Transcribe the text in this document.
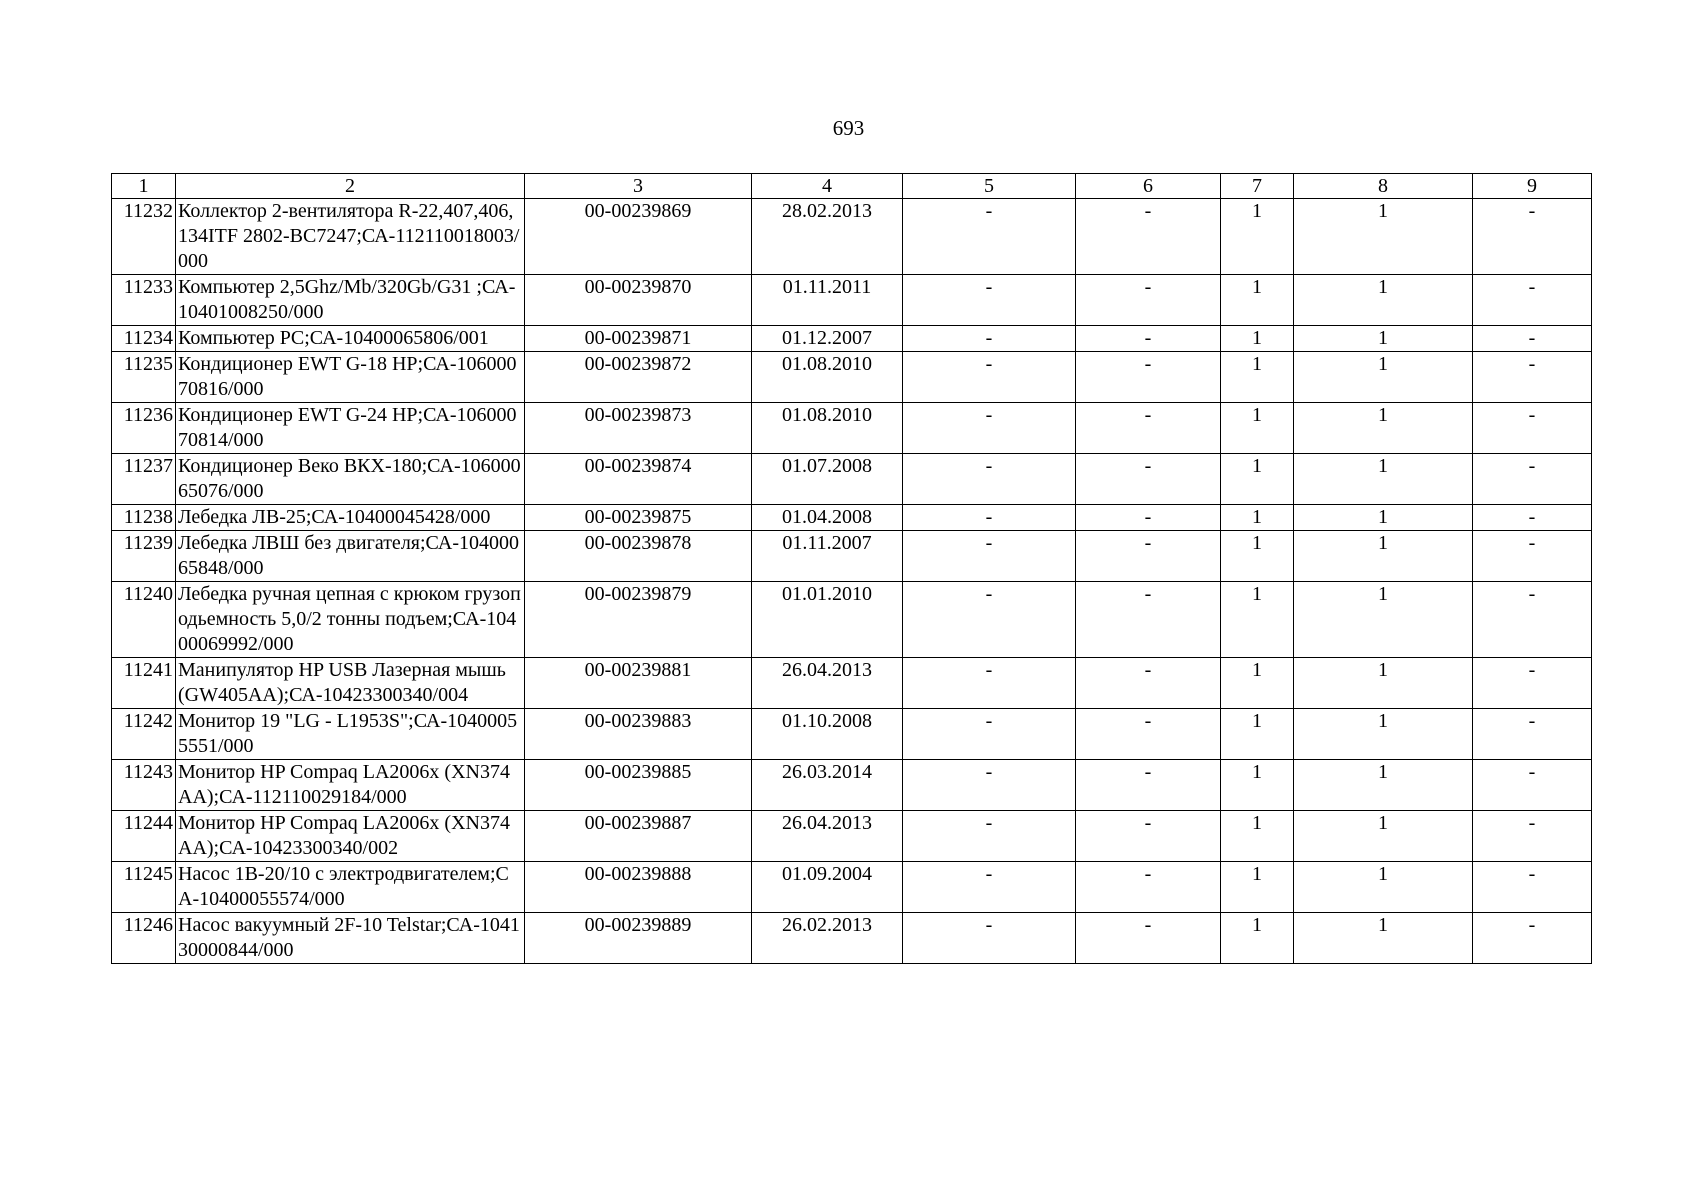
693
1	2	3	4	5	6	7	8	9
11232	Коллектор 2-вентилятора R-22,407,406,134ITF 2802-BC7247;СА-112110018003/000	00-00239869	28.02.2013	-	-	1	1	-
11233	Компьютер 2,5Ghz/Mb/320Gb/G31 ;СА-10401008250/000	00-00239870	01.11.2011	-	-	1	1	-
11234	Компьютер PC;СА-10400065806/001	00-00239871	01.12.2007	-	-	1	1	-
11235	Кондиционер EWT G-18 HP;СА-10600070816/000	00-00239872	01.08.2010	-	-	1	1	-
11236	Кондиционер EWT G-24 HP;СА-10600070814/000	00-00239873	01.08.2010	-	-	1	1	-
11237	Кондиционер Веко ВКХ-180;СА-10600065076/000	00-00239874	01.07.2008	-	-	1	1	-
11238	Лебедка ЛВ-25;СА-10400045428/000	00-00239875	01.04.2008	-	-	1	1	-
11239	Лебедка ЛВШ без двигателя;СА-10400065848/000	00-00239878	01.11.2007	-	-	1	1	-
11240	Лебедка ручная цепная с крюком грузоподьемность 5,0/2 тонны подъем;СА-10400069992/000	00-00239879	01.01.2010	-	-	1	1	-
11241	Манипулятор HP USB Лазерная мышь (GW405AA);СА-10423300340/004	00-00239881	26.04.2013	-	-	1	1	-
11242	Монитор 19 "LG - L1953S";СА-10400055551/000	00-00239883	01.10.2008	-	-	1	1	-
11243	Монитор HP Compaq LA2006x (XN374AA);СА-112110029184/000	00-00239885	26.03.2014	-	-	1	1	-
11244	Монитор HP Compaq LA2006x (XN374AA);СА-10423300340/002	00-00239887	26.04.2013	-	-	1	1	-
11245	Насос 1В-20/10 с электродвигателем;СА-10400055574/000	00-00239888	01.09.2004	-	-	1	1	-
11246	Насос вакуумный 2F-10 Telstar;СА-104130000844/000	00-00239889	26.02.2013	-	-	1	1	-
